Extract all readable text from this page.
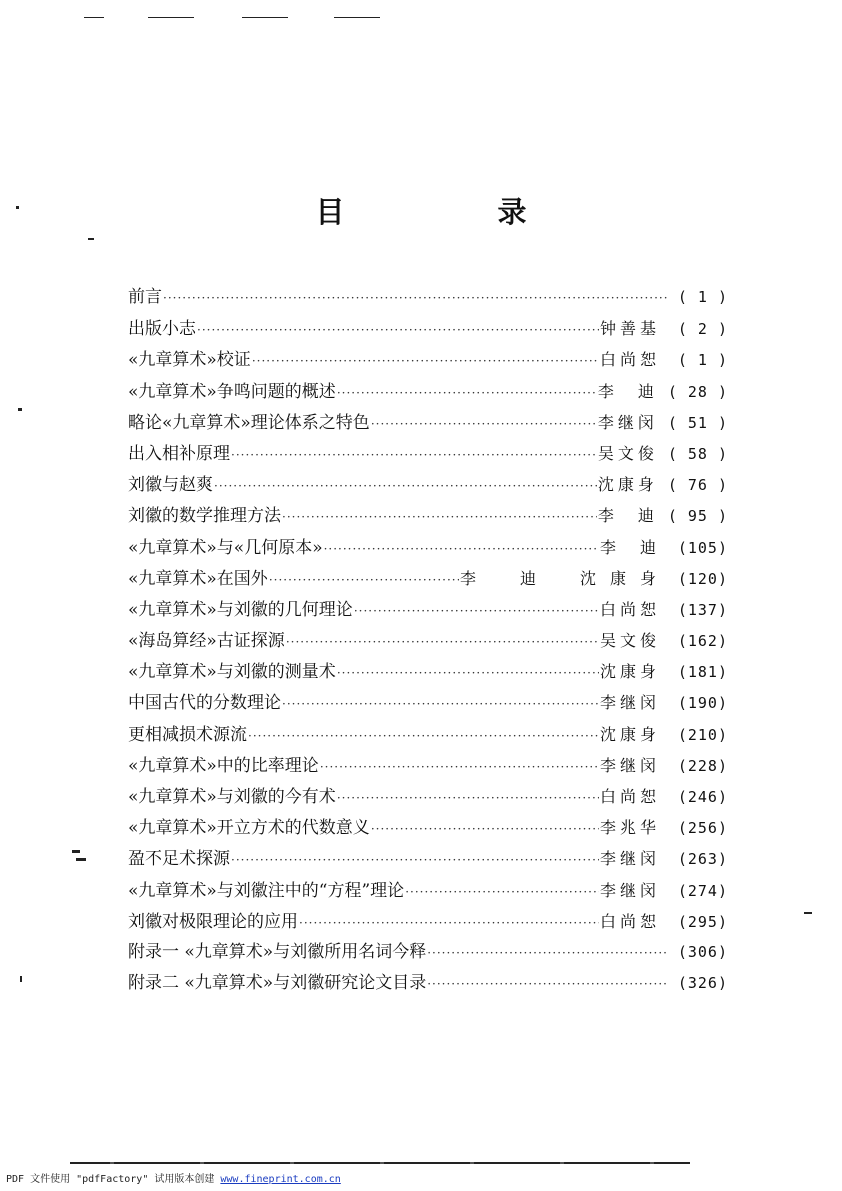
目　录
前言 ·····	( 1 )
出版小志 ·····	钟善基	( 2 )
«九章算术»校证 ·····	白尚恕	( 1 )
«九章算术»争鸣问题的概述 ·····	李　迪 ( 28 )
略论«九章算术»理论体系之特色 ·····	李继闵 ( 51 )
出入相补原理 ·····	吴文俊 ( 58 )
刘徽与赵爽 ·····	沈康身 ( 76 )
刘徽的数学推理方法 ·····	李　迪 ( 95 )
«九章算术»与«几何原本» ·····	李　迪	(105)
«九章算术»在国外 ·····	李　迪　沈康身 (120)
«九章算术»与刘徽的几何理论 ·····	白尚恕	(137)
«海岛算经»古证探源 ·····	吴文俊	(162)
«九章算术»与刘徽的测量术 ·····	沈康身	(181)
中国古代的分数理论 ·····	李继闵	(190)
更相减损术源流 ·····	沈康身	(210)
«九章算术»中的比率理论 ·····	李继闵	(228)
«九章算术»与刘徽的今有术 ·····	白尚恕	(246)
«九章算术»开立方术的代数意义 ·····	李兆华	(256)
盈不足术探源 ·····	李继闵	(263)
«九章算术»与刘徽注中的“方程”理论 ·····	李继闵	(274)
刘徽对极限理论的应用 ·····	白尚恕	(295)
附录一 «九章算术»与刘徽所用名词今释 ·····	(306)
附录二 «九章算术»与刘徽研究论文目录 ·····	(326)
PDF 文件使用 "pdfFactory" 试用版本创建 www.fineprint.com.cn
